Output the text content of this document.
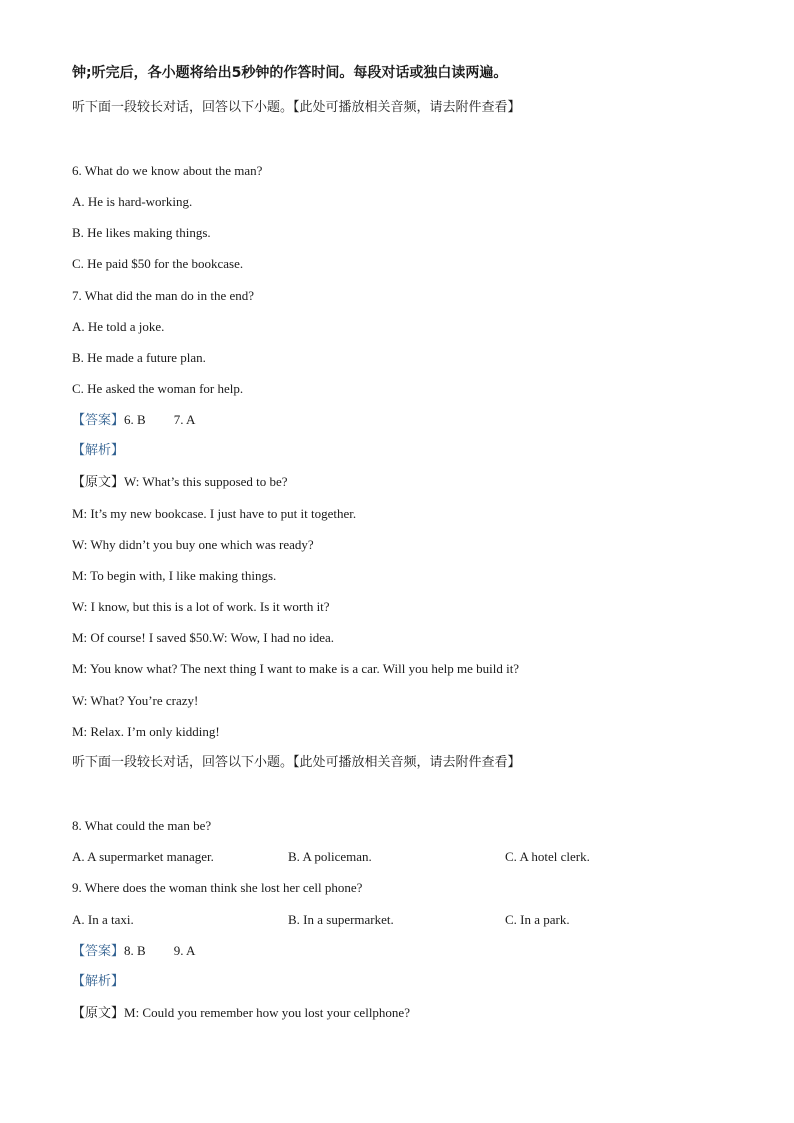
钟;听完后，各小题将给出5秒钟的作答时间。每段对话或独白读两遍。
听下面一段较长对话，回答以下小题。【此处可播放相关音频，请去附件查看】
6. What do we know about the man?
A. He is hard-working.
B. He likes making things.
C. He paid $50 for the bookcase.
7. What did the man do in the end?
A. He told a joke.
B. He made a future plan.
C. He asked the woman for help.
【答案】6. B 7. A
【解析】
【原文】W: What’s this supposed to be?
M: It’s my new bookcase. I just have to put it together.
W: Why didn’t you buy one which was ready?
M: To begin with, I like making things.
W: I know, but this is a lot of work. Is it worth it?
M: Of course! I saved $50.W: Wow, I had no idea.
M: You know what? The next thing I want to make is a car. Will you help me build it?
W: What? You’re crazy!
M: Relax. I’m only kidding!
听下面一段较长对话，回答以下小题。【此处可播放相关音频，请去附件查看】
8. What could the man be?
A. A supermarket manager.	B. A policeman.	C. A hotel clerk.
9. Where does the woman think she lost her cell phone?
A. In a taxi.	B. In a supermarket.	C. In a park.
【答案】8. B 9. A
【解析】
【原文】M: Could you remember how you lost your cellphone?
